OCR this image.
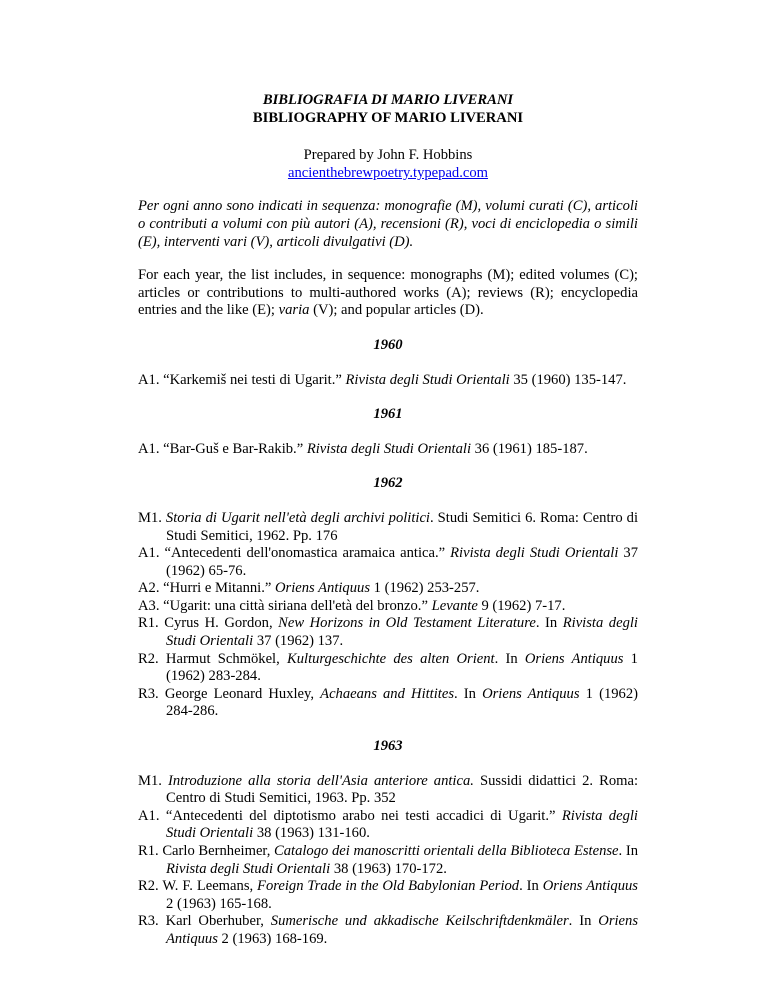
BIBLIOGRAFIA DI MARIO LIVERANI
BIBLIOGRAPHY OF MARIO LIVERANI
Prepared by John F. Hobbins
ancienthebrewpoetry.typepad.com
Per ogni anno sono indicati in sequenza: monografie (M), volumi curati (C), articoli o contributi a volumi con più autori (A), recensioni (R), voci di enciclopedia o simili (E), interventi vari (V), articoli divulgativi (D).
For each year, the list includes, in sequence: monographs (M); edited volumes (C); articles or contributions to multi-authored works (A); reviews (R); encyclopedia entries and the like (E); varia (V); and popular articles (D).
1960
A1. “Karkemiš nei testi di Ugarit.” Rivista degli Studi Orientali 35 (1960) 135-147.
1961
A1. “Bar-Guš e Bar-Rakib.” Rivista degli Studi Orientali 36 (1961) 185-187.
1962
M1. Storia di Ugarit nell'età degli archivi politici. Studi Semitici 6. Roma: Centro di Studi Semitici, 1962. Pp. 176
A1. “Antecedenti dell'onomastica aramaica antica.” Rivista degli Studi Orientali 37 (1962) 65-76.
A2. “Hurri e Mitanni.” Oriens Antiquus 1 (1962) 253-257.
A3. “Ugarit: una città siriana dell'età del bronzo.” Levante 9 (1962) 7-17.
R1. Cyrus H. Gordon, New Horizons in Old Testament Literature. In Rivista degli Studi Orientali 37 (1962) 137.
R2. Harmut Schmökel, Kulturgeschichte des alten Orient. In Oriens Antiquus 1 (1962) 283-284.
R3. George Leonard Huxley, Achaeans and Hittites. In Oriens Antiquus 1 (1962) 284-286.
1963
M1. Introduzione alla storia dell'Asia anteriore antica. Sussidi didattici 2. Roma: Centro di Studi Semitici, 1963. Pp. 352
A1. “Antecedenti del diptotismo arabo nei testi accadici di Ugarit.” Rivista degli Studi Orientali 38 (1963) 131-160.
R1. Carlo Bernheimer, Catalogo dei manoscritti orientali della Biblioteca Estense. In Rivista degli Studi Orientali 38 (1963) 170-172.
R2. W. F. Leemans, Foreign Trade in the Old Babylonian Period. In Oriens Antiquus 2 (1963) 165-168.
R3. Karl Oberhuber, Sumerische und akkadische Keilschriftdenkmäler. In Oriens Antiquus 2 (1963) 168-169.
